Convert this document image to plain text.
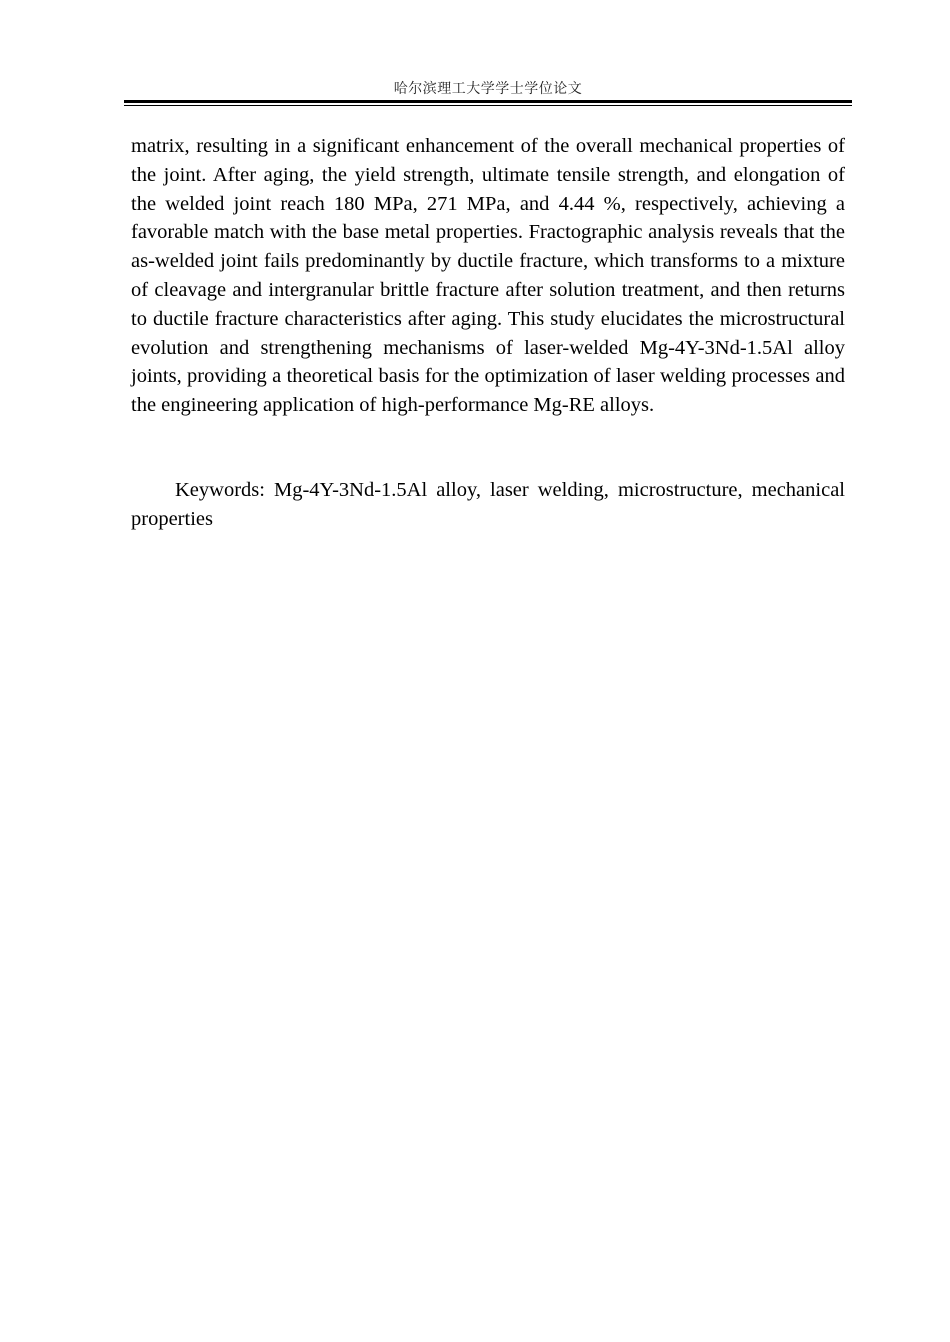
哈尔滨理工大学学士学位论文

matrix, resulting in a significant enhancement of the overall mechanical properties of the joint. After aging, the yield strength, ultimate tensile strength, and elongation of the welded joint reach 180 MPa, 271 MPa, and 4.44 %, respectively, achieving a favorable match with the base metal properties. Fractographic analysis reveals that the as-welded joint fails predominantly by ductile fracture, which transforms to a mixture of cleavage and intergranular brittle fracture after solution treatment, and then returns to ductile fracture characteristics after aging. This study elucidates the microstructural evolution and strengthening mechanisms of laser-welded Mg-4Y-3Nd-1.5Al alloy joints, providing a theoretical basis for the optimization of laser welding processes and the engineering application of high-performance Mg-RE alloys.

Keywords: Mg-4Y-3Nd-1.5Al alloy, laser welding, microstructure, mechanical properties
